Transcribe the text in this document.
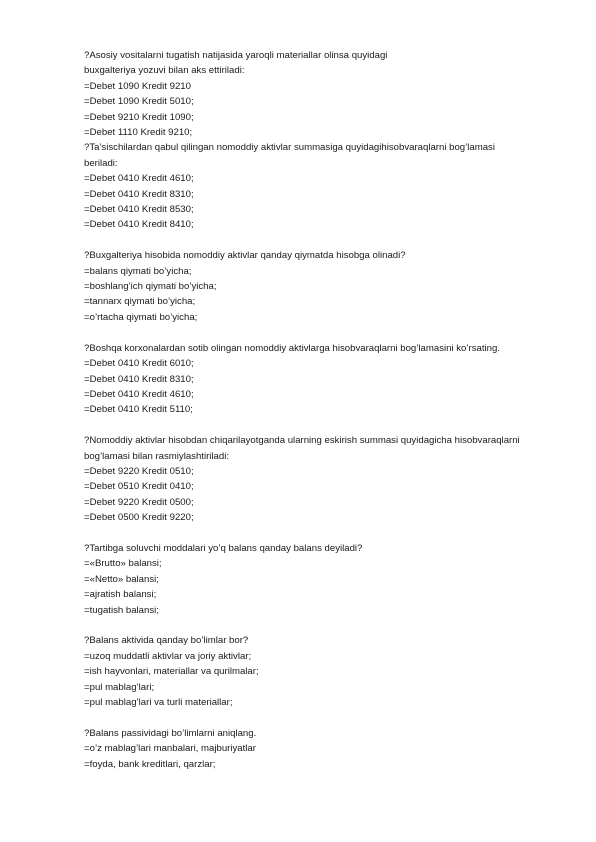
?Asosiy vositalarni tugatish natijasida yaroqli materiallar olinsa quyidagi
buxgalteriya yozuvi bilan aks ettiriladi:
=Debet 1090 Kredit 9210
=Debet 1090 Kredit 5010;
=Debet 9210 Kredit 1090;
=Debet 1110 Kredit 9210;
?Ta’sischilardan qabul qilingan nomoddiy aktivlar summasiga quyidagihisobvaraqlarni bog’lamasi
beriladi:
=Debet 0410 Kredit 4610;
=Debet 0410 Kredit 8310;
=Debet 0410 Kredit 8530;
=Debet 0410 Kredit 8410;
?Buxgalteriya hisobida nomoddiy aktivlar qanday qiymatda hisobga olinadi?
=balans qiymati bo’yicha;
=boshlang’ich qiymati bo’yicha;
=tannarx qiymati bo’yicha;
=o’rtacha qiymati bo’yicha;
?Boshqa korxonalardan sotib olingan nomoddiy aktivlarga hisobvaraqlarni bog’lamasini ko’rsating.
=Debet 0410 Kredit 6010;
=Debet 0410 Kredit 8310;
=Debet 0410 Kredit 4610;
=Debet 0410 Kredit 5110;
?Nomoddiy aktivlar hisobdan chiqarilayotganda ularning eskirish summasi quyidagicha hisobvaraqlarni
bog’lamasi bilan rasmiylashtiriladi:
=Debet 9220 Kredit 0510;
=Debet 0510 Kredit 0410;
=Debet 9220 Kredit 0500;
=Debet 0500 Kredit 9220;
?Tartibga soluvchi moddalari yo’q balans qanday balans deyiladi?
=«Brutto» balansi;
=«Netto» balansi;
=ajratish balansi;
=tugatish balansi;
?Balans aktivida qanday bo’limlar bor?
=uzoq muddatli aktivlar va joriy aktivlar;
=ish hayvonlari, materiallar va qurilmalar;
=pul mablag’lari;
=pul mablag’lari va turli materiallar;
?Balans passividagi bo’limlarni aniqlang.
=o’z mablag’lari manbalari, majburiyatlar
=foyda, bank kreditlari, qarzlar;
